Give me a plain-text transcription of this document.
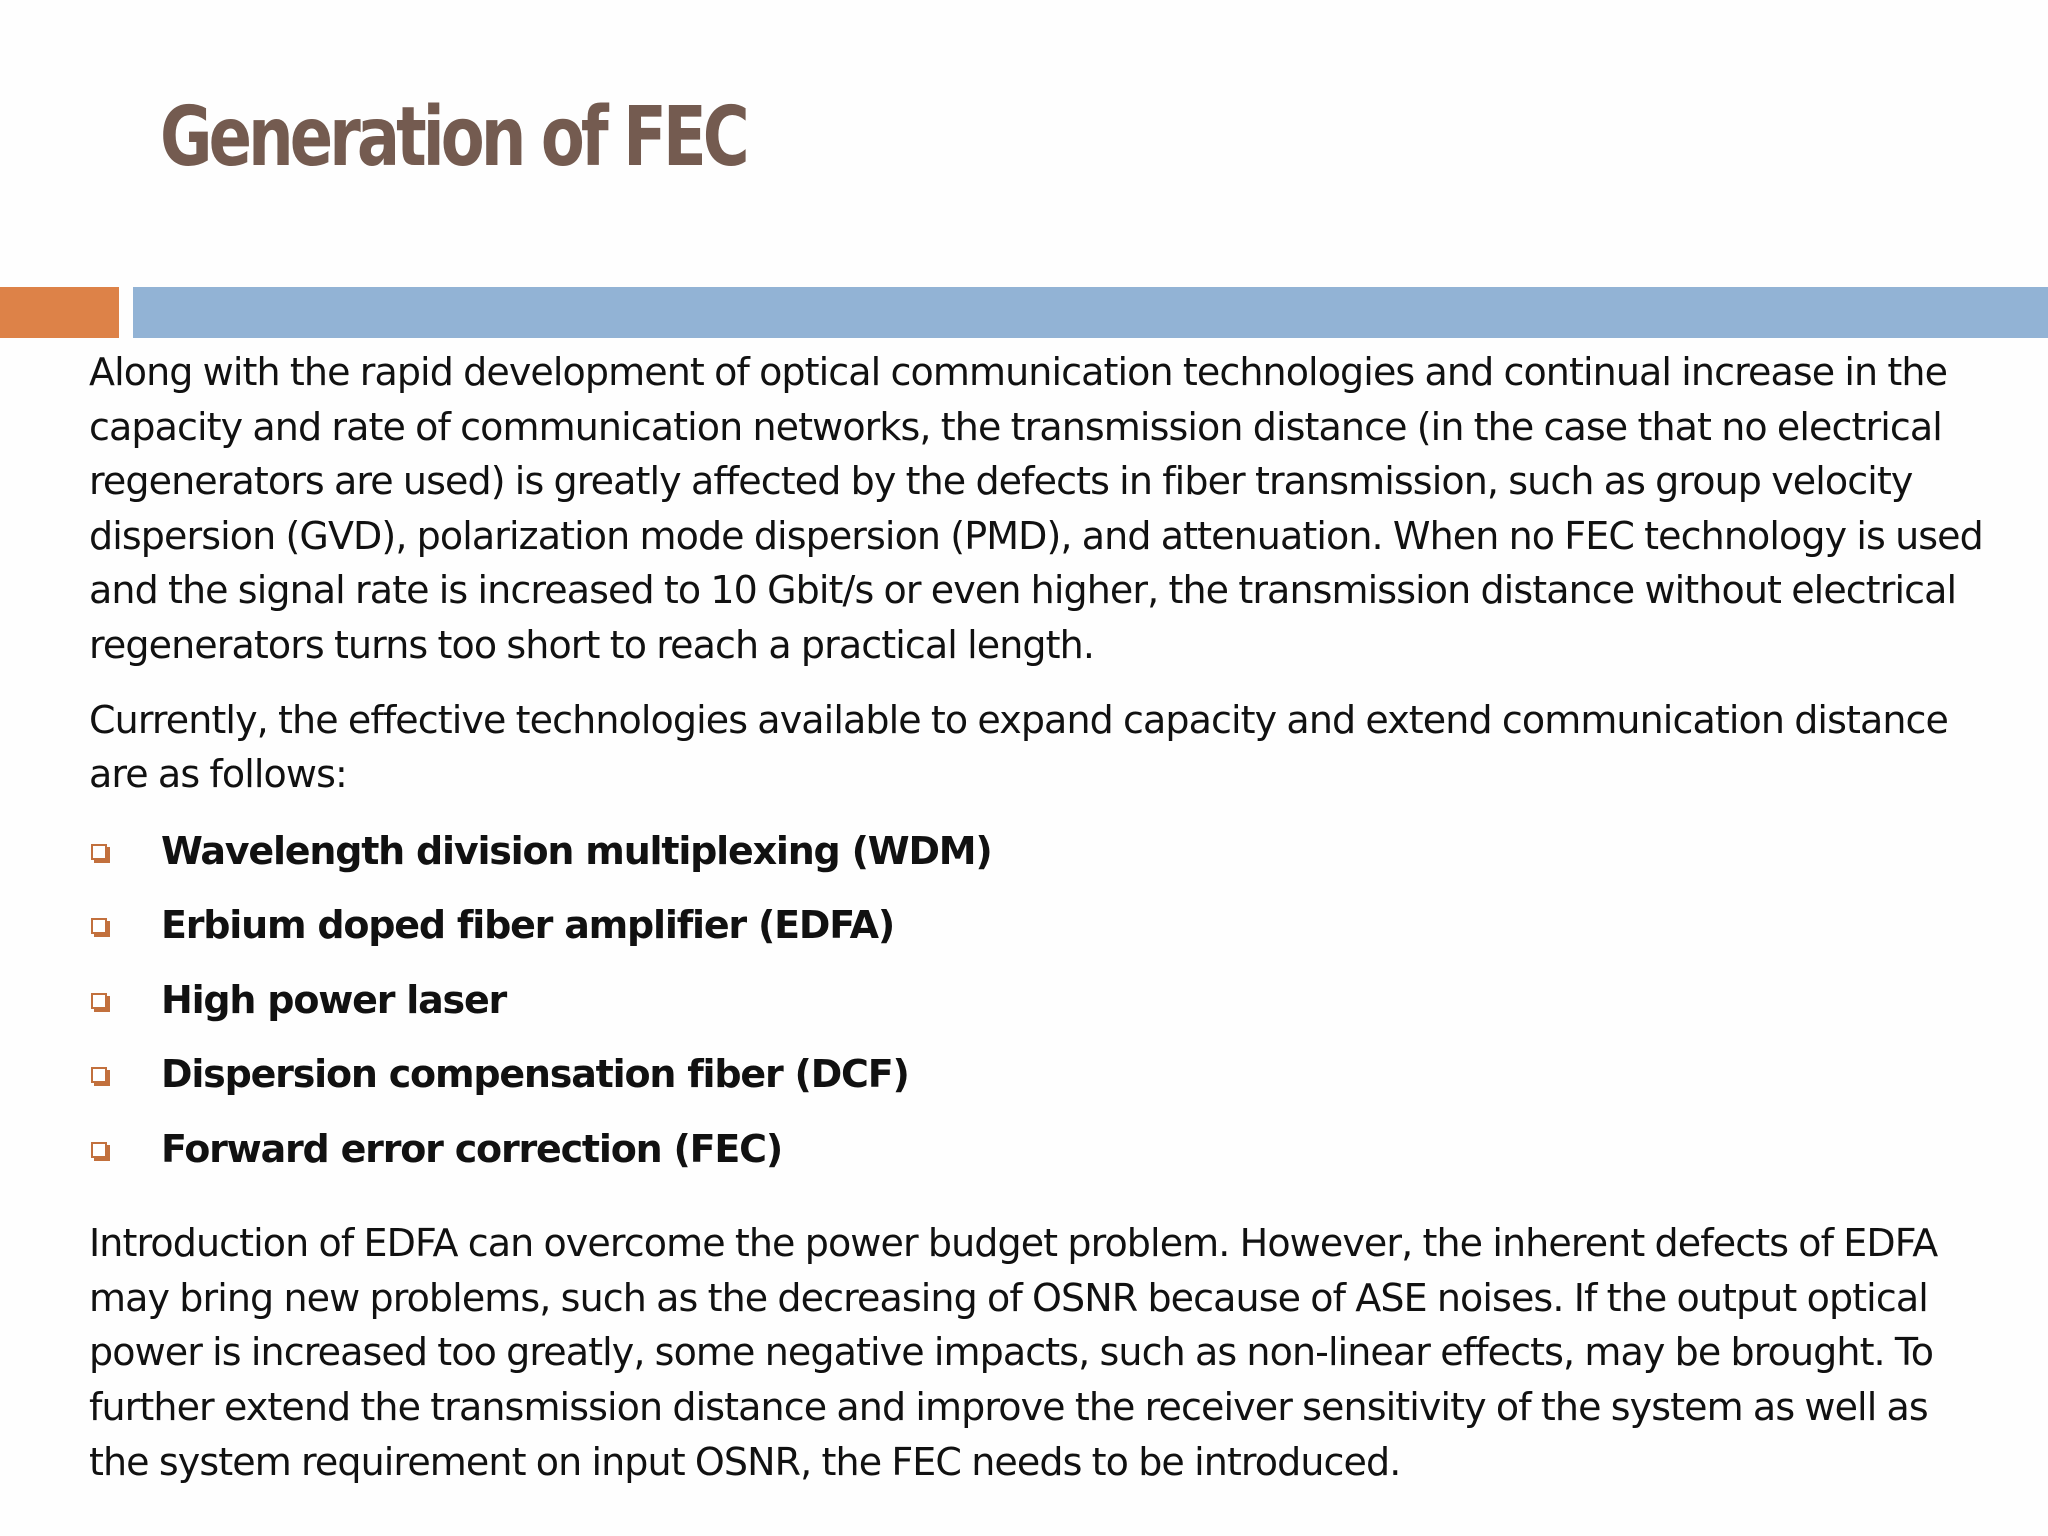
Generation of FEC

Along with the rapid development of optical communication technologies and continual increase in the capacity and rate of communication networks, the transmission distance (in the case that no electrical regenerators are used) is greatly affected by the defects in fiber transmission, such as group velocity dispersion (GVD), polarization mode dispersion (PMD), and attenuation. When no FEC technology is used and the signal rate is increased to 10 Gbit/s or even higher, the transmission distance without electrical regenerators turns too short to reach a practical length.

Currently, the effective technologies available to expand capacity and extend communication distance are as follows:

Wavelength division multiplexing (WDM)
Erbium doped fiber amplifier (EDFA)
High power laser
Dispersion compensation fiber (DCF)
Forward error correction (FEC)

Introduction of EDFA can overcome the power budget problem. However, the inherent defects of EDFA may bring new problems, such as the decreasing of OSNR because of ASE noises. If the output optical power is increased too greatly, some negative impacts, such as non-linear effects, may be brought. To further extend the transmission distance and improve the receiver sensitivity of the system as well as the system requirement on input OSNR, the FEC needs to be introduced.
